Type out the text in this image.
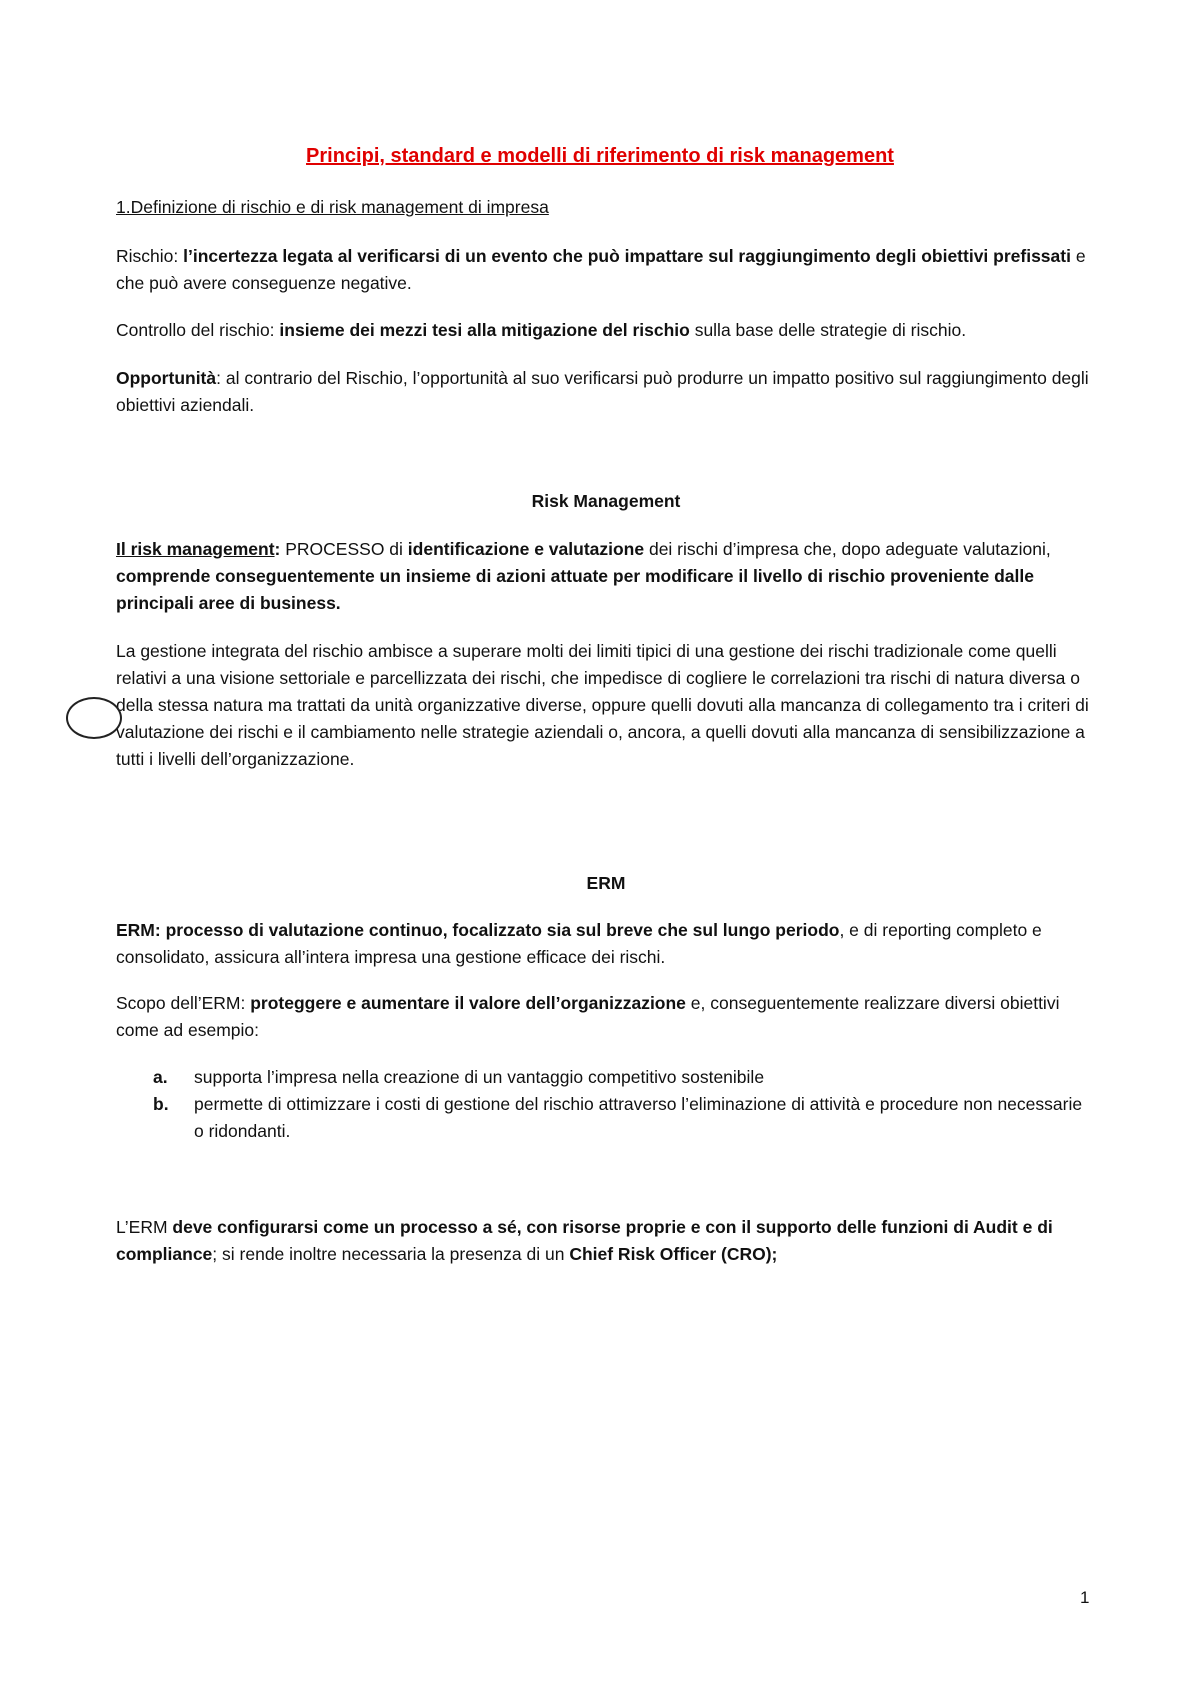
Principi, standard e modelli di riferimento di risk management

1.Definizione di rischio e di risk management di impresa

Rischio: l’incertezza legata al verificarsi di un evento che può impattare sul raggiungimento degli obiettivi prefissati e che può avere conseguenze negative.

Controllo del rischio: insieme dei mezzi tesi alla mitigazione del rischio sulla base delle strategie di rischio.

Opportunità: al contrario del Rischio, l’opportunità al suo verificarsi può produrre un impatto positivo sul raggiungimento degli obiettivi aziendali.

Risk Management

Il risk management: PROCESSO di identificazione e valutazione dei rischi d’impresa che, dopo adeguate valutazioni, comprende conseguentemente un insieme di azioni attuate per modificare il livello di rischio proveniente dalle principali aree di business.

La gestione integrata del rischio ambisce a superare molti dei limiti tipici di una gestione dei rischi tradizionale come quelli relativi a una visione settoriale e parcellizzata dei rischi, che impedisce di cogliere le correlazioni tra rischi di natura diversa o della stessa natura ma trattati da unità organizzative diverse, oppure quelli dovuti alla mancanza di collegamento tra i criteri di valutazione dei rischi e il cambiamento nelle strategie aziendali o, ancora, a quelli dovuti alla mancanza di sensibilizzazione a tutti i livelli dell’organizzazione.

ERM

ERM: processo di valutazione continuo, focalizzato sia sul breve che sul lungo periodo, e di reporting completo e consolidato, assicura all’intera impresa una gestione efficace dei rischi.

Scopo dell’ERM: proteggere e aumentare il valore dell’organizzazione e, conseguentemente realizzare diversi obiettivi come ad esempio:

a.	supporta l’impresa nella creazione di un vantaggio competitivo sostenibile
b.	permette di ottimizzare i costi di gestione del rischio attraverso l’eliminazione di attività e procedure non necessarie o ridondanti.

L’ERM deve configurarsi come un processo a sé, con risorse proprie e con il supporto delle funzioni di Audit e di compliance; si rende inoltre necessaria la presenza di un Chief Risk Officer (CRO);

1
